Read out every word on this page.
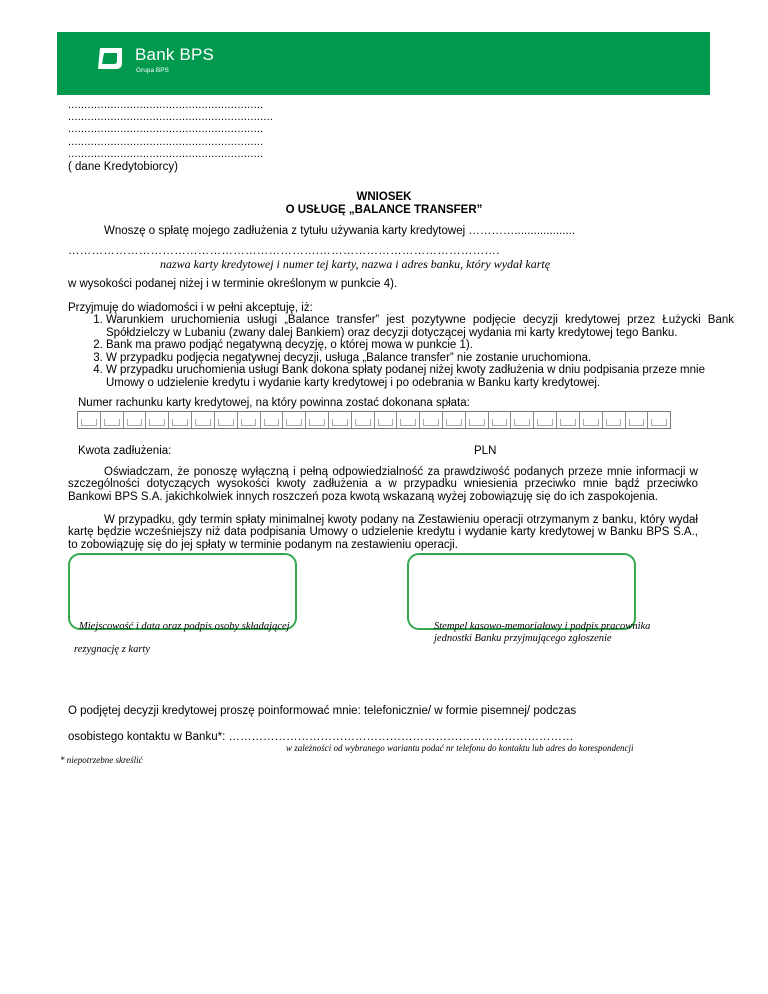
Bank BPS
Grupa BPS
............................................................
...............................................................
............................................................
............................................................
............................................................
( dane Kredytobiorcy)
WNIOSEK
O USŁUGĘ „BALANCE TRANSFER”
Wnoszę o spłatę mojego zadłużenia z tytułu używania karty kredytowej …………...................
……………………………………………………….……………………………………….
nazwa karty kredytowej i numer tej karty, nazwa i adres banku, który wydał kartę
w wysokości podanej niżej i w terminie określonym w punkcie 4).
Przyjmuję do wiadomości i w pełni akceptuję, iż:
1. Warunkiem uruchomienia usługi „Balance transfer” jest pozytywne podjęcie decyzji kredytowej przez Łużycki Bank Spółdzielczy w Lubaniu (zwany dalej Bankiem) oraz decyzji dotyczącej wydania mi karty kredytowej tego Banku.
2. Bank ma prawo podjąć negatywną decyzję, o której mowa w punkcie 1).
3. W przypadku podjęcia negatywnej decyzji, usługa „Balance transfer” nie zostanie uruchomiona.
4. W przypadku uruchomienia usługi Bank dokona spłaty podanej niżej kwoty zadłużenia w dniu podpisania przeze mnie Umowy o udzielenie kredytu i wydanie karty kredytowej i po odebrania w Banku karty kredytowej.
Numer rachunku karty kredytowej, na który powinna zostać dokonana spłata:
Kwota zadłużenia:	PLN
Oświadczam, że ponoszę wyłączną i pełną odpowiedzialność za prawdziwość podanych przeze mnie informacji w szczególności dotyczących wysokości kwoty zadłużenia a w przypadku wniesienia przeciwko mnie bądź przeciwko Bankowi BPS S.A. jakichkolwiek innych roszczeń poza kwotą wskazaną wyżej zobowiązuję się do ich zaspokojenia.
W przypadku, gdy termin spłaty minimalnej kwoty podany na Zestawieniu operacji otrzymanym z banku, który wydał kartę będzie wcześniejszy niż data podpisania Umowy o udzielenie kredytu i wydanie karty kredytowej w Banku BPS S.A., to zobowiązuję się do jej spłaty w terminie podanym na zestawieniu operacji.
Miejscowość i data oraz podpis osoby składającej
rezygnację z karty
Stempel kasowo-memoriałowy i podpis pracownika
jednostki Banku przyjmującego zgłoszenie
O podjętej decyzji kredytowej proszę poinformować mnie: telefonicznie/ w formie pisemnej/ podczas
osobistego kontaktu w Banku*: ………………………………………………………………………………
w zależności od wybranego wariantu podać nr telefonu do kontaktu lub adres do korespondencji
* niepotrzebne skreślić
